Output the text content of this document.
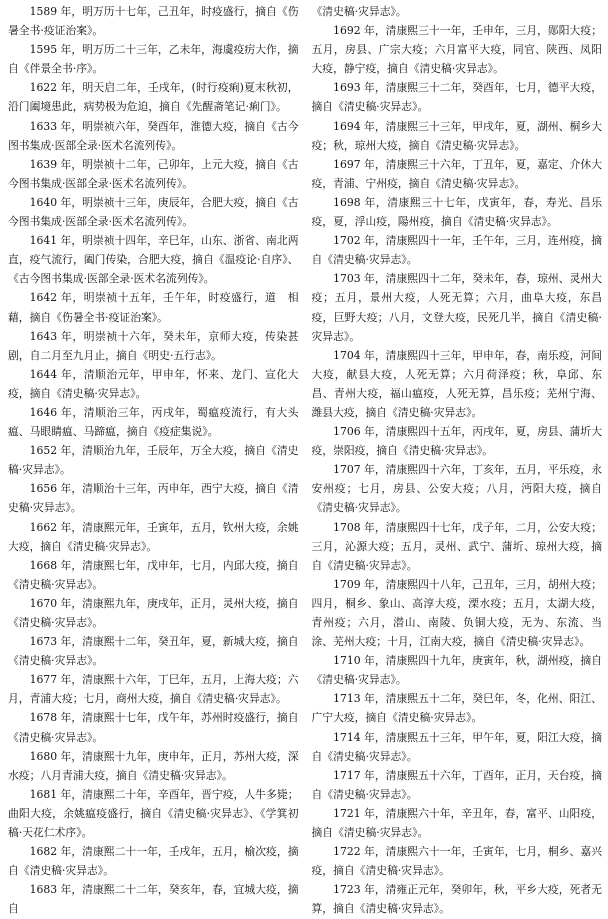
1589 年，明万历十七年，己丑年，时疫盛行，摘自《伤暑全书·疫证治案》。

1595 年，明万历二十三年，乙未年，海虞疫疠大作，摘自《伴景全书·序》。

1622 年，明天启二年，壬戌年，(时行疫痢)夏末秋初，沿门阖境患此，病势极为危迫，摘自《先醒斋笔记·痢门》。

1633 年，明崇祯六年，癸酉年，淮德大疫，摘自《古今图书集成·医部全录·医术名流列传》。

1639 年，明崇祯十二年，己卯年，上元大疫，摘自《古今图书集成·医部全录·医术名流列传》。

1640 年，明崇祯十三年，庚辰年，合肥大疫，摘自《古今图书集成·医部全录·医术名流列传》。

1641 年，明崇祯十四年，辛巳年，山东、浙省、南北两直，疫气流行，阖门传染，合肥大疫，摘自《温疫论·自序》、《古今图书集成·医部全录·医术名流列传》。

1642 年，明崇祯十五年，壬午年，时疫盛行，道　相藉，摘自《伤暑全书·疫证治案》。

1643 年，明崇祯十六年，癸未年，京师大疫，传染甚剧，自二月至九月止，摘自《明史·五行志》。

1644 年，清顺治元年，甲申年，怀来、龙门、宣化大疫，摘自《清史稿·灾异志》。

1646 年，清顺治三年，丙戌年，蜀瘟疫流行，有大头瘟、马眼睛瘟、马蹄瘟，摘自《疫症集说》。

1652 年，清顺治九年，壬辰年，万全大疫，摘自《清史稿·灾异志》。

1656 年，清顺治十三年，丙申年，西宁大疫，摘自《清史稿·灾异志》。

1662 年，清康熙元年，壬寅年，五月，钦州大疫，余姚大疫，摘自《清史稿·灾异志》。

1668 年，清康熙七年，戊申年，七月，内邱大疫，摘自《清史稿·灾异志》。

1670 年，清康熙九年，庚戌年，正月，灵州大疫，摘自《清史稿·灾异志》。

1673 年，清康熙十二年，癸丑年，夏，新城大疫，摘自《清史稿·灾异志》。

1677 年，清康熙十六年，丁巳年，五月，上海大疫；六月，青浦大疫；七月，商州大疫，摘自《清史稿·灾异志》。

1678 年，清康熙十七年，戊午年，苏州时疫盛行，摘自《清史稿·灾异志》。

1680 年，清康熙十九年，庚申年，正月，苏州大疫，深水疫；八月青浦大疫，摘自《清史稿·灾异志》。

1681 年，清康熙二十年，辛酉年，晋宁疫，人牛多毙；曲阳大疫，余姚瘟疫盛行，摘自《清史稿·灾异志》、《学箕初稿·天花仁术序》。

1682 年，清康熙二十一年，壬戌年，五月，榆次疫，摘自《清史稿·灾异志》。

1683 年，清康熙二十二年，癸亥年，春，宜城大疫，摘自

《清史稿·灾异志》。

1692 年，清康熙三十一年，壬申年，三月，郧阳大疫；五月，房县、广宗大疫；六月富平大疫，同官、陕西、凤阳大疫，静宁疫，摘自《清史稿·灾异志》。

1693 年，清康熙三十二年，癸酉年，七月，德平大疫，摘自《清史稿·灾异志》。

1694 年，清康熙三十三年，甲戌年，夏，湖州、桐乡大疫；秋，琼州大疫，摘自《清史稿·灾异志》。

1697 年，清康熙三十六年，丁丑年，夏，嘉定、介休大疫，青浦、宁州疫，摘自《清史稿·灾异志》。

1698 年，清康熙三十七年，戊寅年，春，寿光、昌乐疫，夏，浮山疫，陽州疫，摘自《清史稿·灾异志》。

1702 年，清康熙四十一年，壬午年，三月，连州疫，摘自《清史稿·灾异志》。

1703 年，清康熙四十二年，癸未年，春，琼州、灵州大疫；五月，景州大疫，人死无算；六月，曲阜大疫，东昌疫，巨野大疫；八月，文登大疫，民死几半，摘自《清史稿·灾异志》。

1704 年，清康熙四十三年，甲申年，春，南乐疫，河间大疫，献县大疫，人死无算；六月荷泽疫；秋，阜邱、东昌、青州大疫，福山瘟疫，人死无算，昌乐疫；芜州宁海、潍县大疫，摘自《清史稿·灾异志》。

1706 年，清康熙四十五年，丙戌年，夏，房县、蒲圻大疫，崇阳疫，摘自《清史稿·灾异志》。

1707 年，清康熙四十六年，丁亥年，五月，平乐疫，永安州疫；七月，房县、公安大疫；八月，沔阳大疫，摘自《清史稿·灾异志》。

1708 年，清康熙四十七年，戊子年，二月，公安大疫；三月，沁源大疫；五月，灵州、武宁、蒲圻、琼州大疫，摘自《清史稿·灾异志》。

1709 年，清康熙四十八年，己丑年，三月，胡州大疫；四月，桐乡、象山、高淳大疫，溧水疫；五月，太湖大疫，青州疫；六月，潜山、南陵、负铜大疫，无为、东流、当涂、芜州大疫；十月，江南大疫，摘自《清史稿·灾异志》。

1710 年，清康熙四十九年，庚寅年，秋，湖州疫，摘自《清史稿·灾异志》。

1713 年，清康熙五十二年，癸巳年，冬，化州、阳江、广宁大疫，摘自《清史稿·灾异志》。

1714 年，清康熙五十三年，甲午年，夏，阳江大疫，摘自《清史稿·灾异志》。

1717 年，清康熙五十六年，丁酉年，正月，天台疫，摘自《清史稿·灾异志》。

1721 年，清康熙六十年，辛丑年，春，富平、山阳疫，摘自《清史稿·灾异志》。

1722 年，清康熙六十一年，壬寅年，七月，桐乡、嘉兴疫，摘自《清史稿·灾异志》。

1723 年，清雍正元年，癸卯年，秋，平乡大疫，死者无算，摘自《清史稿·灾异志》。
